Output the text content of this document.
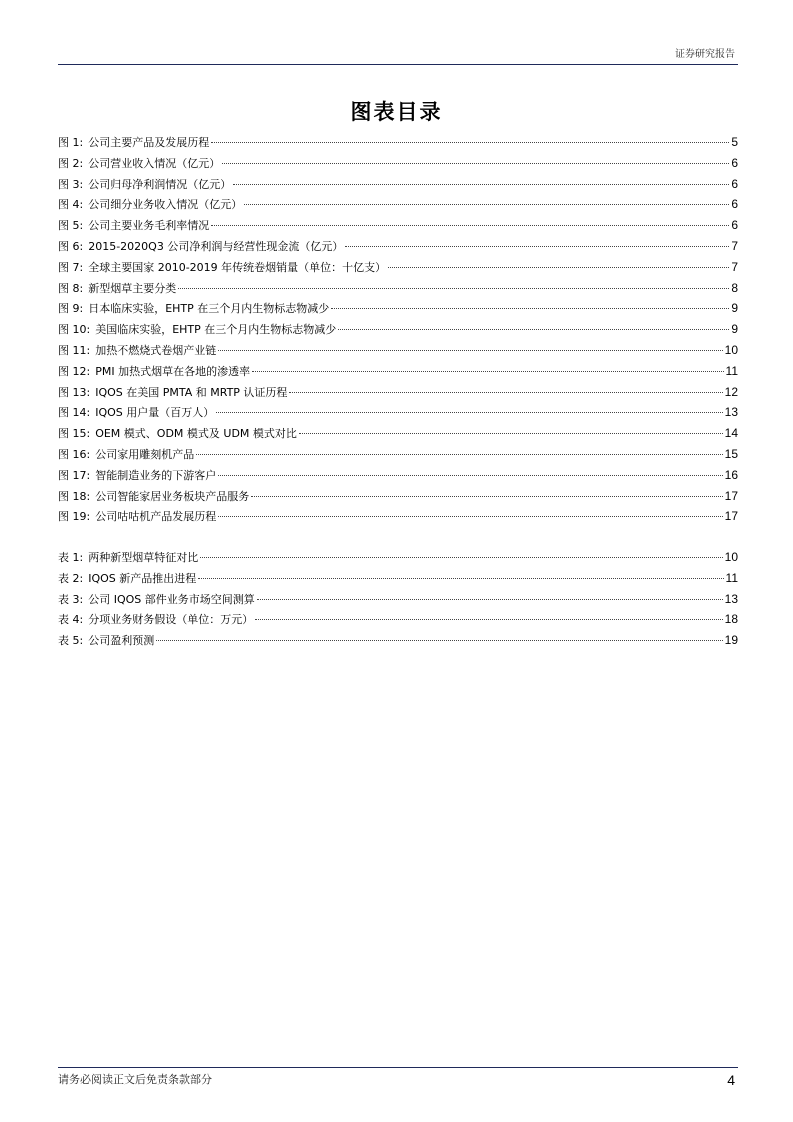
证券研究报告
图表目录
图 1: 公司主要产品及发展历程	5
图 2: 公司营业收入情况（亿元）	6
图 3: 公司归母净利润情况（亿元）	6
图 4: 公司细分业务收入情况（亿元）	6
图 5: 公司主要业务毛利率情况	6
图 6: 2015-2020Q3 公司净利润与经营性现金流（亿元）	7
图 7: 全球主要国家 2010-2019 年传统卷烟销量（单位：十亿支）	7
图 8: 新型烟草主要分类	8
图 9: 日本临床实验，EHTP 在三个月内生物标志物减少	9
图 10: 美国临床实验，EHTP 在三个月内生物标志物减少	9
图 11: 加热不燃烧式卷烟产业链	10
图 12: PMI 加热式烟草在各地的渗透率	11
图 13: IQOS 在美国 PMTA 和 MRTP 认证历程	12
图 14: IQOS 用户量（百万人）	13
图 15: OEM 模式、ODM 模式及 UDM 模式对比	14
图 16: 公司家用雕刻机产品	15
图 17: 智能制造业务的下游客户	16
图 18: 公司智能家居业务板块产品服务	17
图 19: 公司咕咕机产品发展历程	17
表 1: 两种新型烟草特征对比	10
表 2: IQOS 新产品推出进程	11
表 3: 公司 IQOS 部件业务市场空间测算	13
表 4: 分项业务财务假设（单位：万元）	18
表 5: 公司盈利预测	19
请务必阅读正文后免责条款部分	4
